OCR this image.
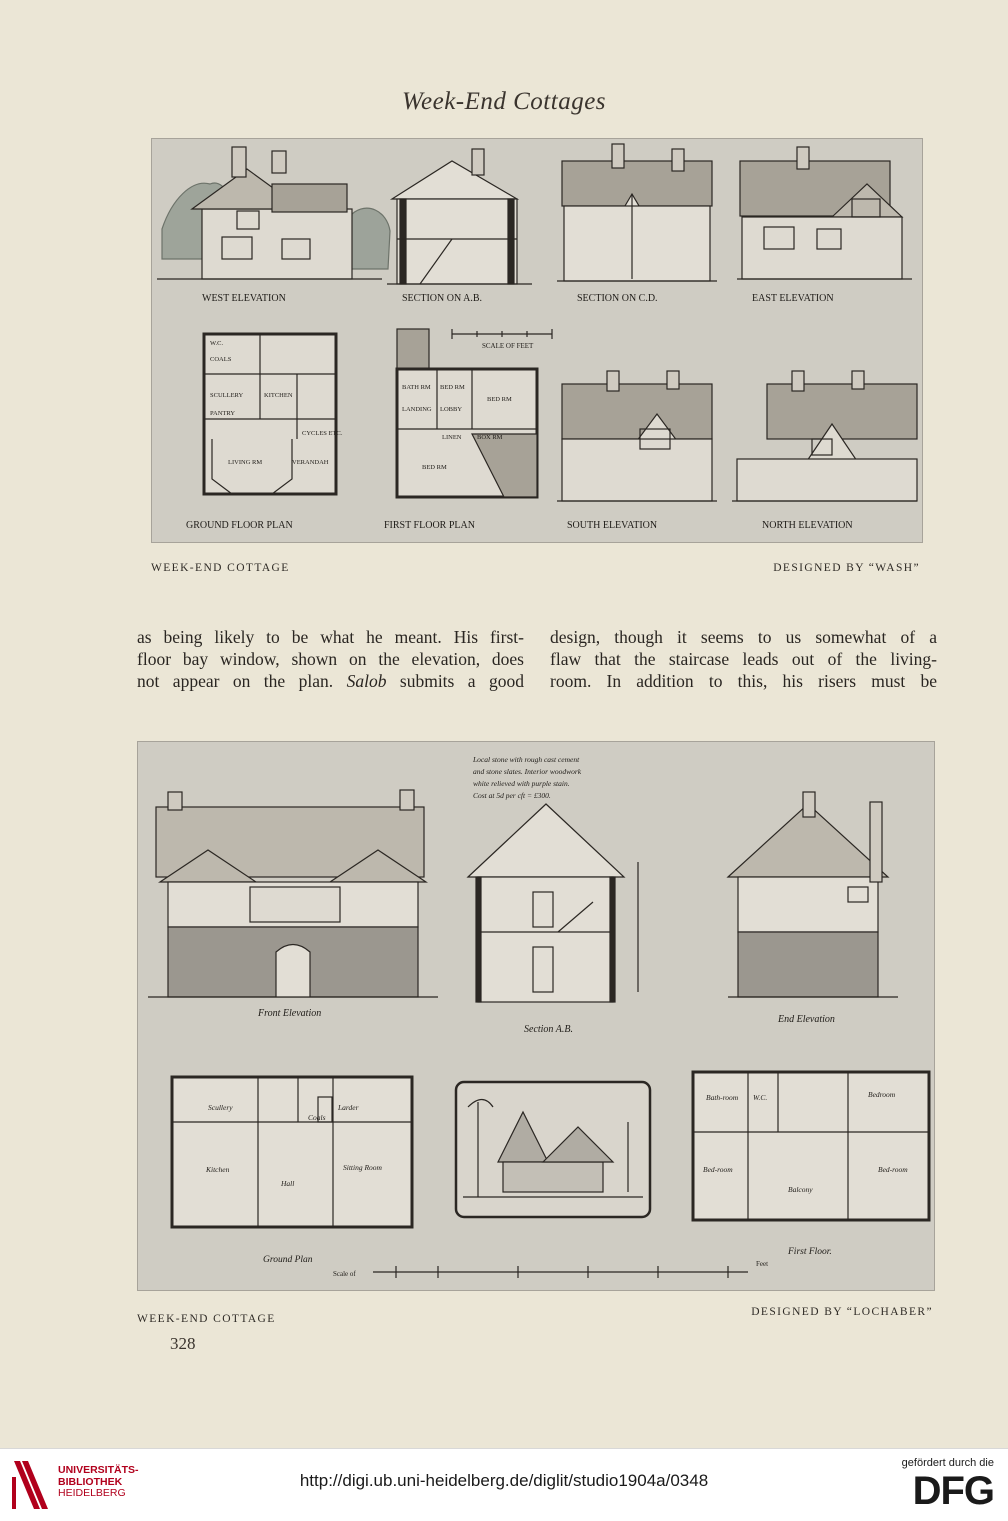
Week-End Cottages
WEST ELEVATION	SECTION ON A.B.	SECTION ON C.D.	EAST ELEVATION
W.C.
COALS
SCULLERY	KITCHEN
PANTRY
LIVING RM	VERANDAH
CYCLES ETC.
GROUND FLOOR PLAN
BATH RM BED RM
BED RM
LANDING LOBBY
LINEN BOX RM
BED RM
FIRST FLOOR PLAN
SCALE OF FEET
SOUTH ELEVATION	NORTH ELEVATION
WEEK-END COTTAGE	DESIGNED BY “WASH”
as being likely to be what he meant. His first-
floor bay window, shown on the elevation, does
not appear on the plan. Salob submits a good
design, though it seems to us somewhat of a
flaw that the staircase leads out of the living-
room. In addition to this, his risers must be
Local stone with rough cast cement
and stone slates. Interior woodwork
white relieved with purple stain.
Cost at 5d per cft = £300.
Front Elevation
Section A.B.
End Elevation
Scullery	Larder
Coals
Kitchen
Hall
Sitting Room
Ground Plan
Bath-room W.C.	Bedroom
Bed-room	Bed-room
Balcony
First Floor.
Scale of
Feet
WEEK-END COTTAGE
DESIGNED BY “LOCHABER”
328
UNIVERSITÄTS-
BIBLIOTHEK
HEIDELBERG
http://digi.ub.uni-heidelberg.de/diglit/studio1904a/0348
gefördert durch die
DFG
